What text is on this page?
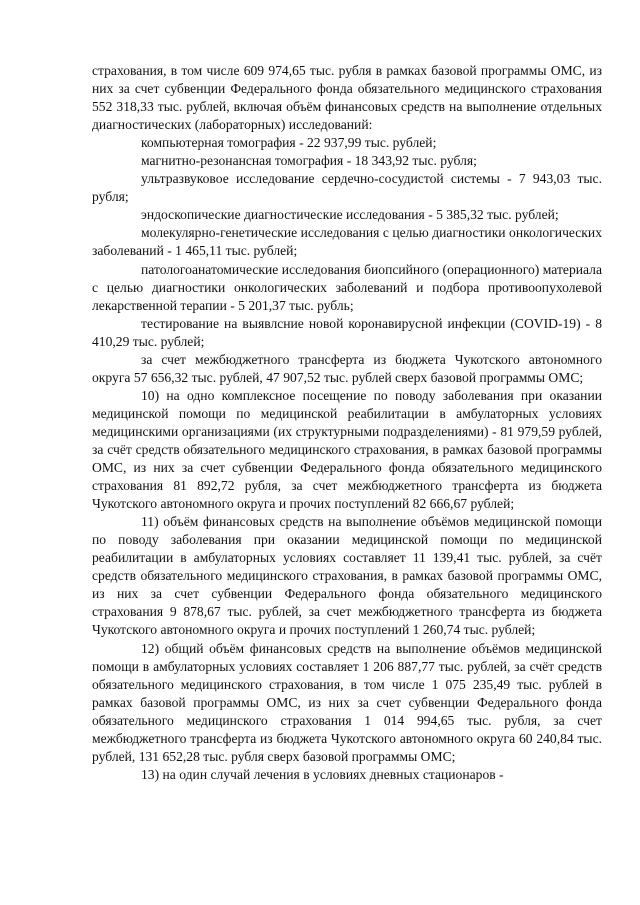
страхования, в том числе 609 974,65 тыс. рубля в рамках базовой программы ОМС, из них за счет субвенции Федерального фонда обязательного медицинского страхования 552 318,33 тыс. рублей, включая объём финансовых средств на выполнение отдельных диагностических (лабораторных) исследований:

компьютерная томография - 22 937,99 тыс. рублей;

магнитно-резонансная томография - 18 343,92 тыс. рубля;

ультразвуковое исследование сердечно-сосудистой системы - 7 943,03 тыс. рубля;

эндоскопические диагностические исследования - 5 385,32 тыс. рублей;

молекулярно-генетические исследования с целью диагностики онкологических заболеваний - 1 465,11 тыс. рублей;

патологоанатомические исследования биопсийного (операционного) материала с целью диагностики онкологических заболеваний и подбора противоопухолевой лекарственной терапии - 5 201,37 тыс. рубль;

тестирование на выявлсние новой коронавирусной инфекции (COVID-19) - 8 410,29 тыс. рублей;

за счет межбюджетного трансферта из бюджета Чукотского автономного округа 57 656,32 тыс. рублей, 47 907,52 тыс. рублей сверх базовой программы ОМС;

10) на одно комплексное посещение по поводу заболевания при оказании медицинской помощи по медицинской реабилитации в амбулаторных условиях медицинскими организациями (их структурными подразделениями) - 81 979,59 рублей, за счёт средств обязательного медицинского страхования, в рамках базовой программы ОМС, из них за счет субвенции Федерального фонда обязательного медицинского страхования 81 892,72 рубля, за счет межбюджетного трансферта из бюджета Чукотского автономного округа и прочих поступлений 82 666,67 рублей;

11) объём финансовых средств на выполнение объёмов медицинской помощи по поводу заболевания при оказании медицинской помощи по медицинской реабилитации в амбулаторных условиях составляет 11 139,41 тыс. рублей, за счёт средств обязательного медицинского страхования, в рамках базовой программы ОМС, из них за счет субвенции Федерального фонда обязательного медицинского страхования 9 878,67 тыс. рублей, за счет межбюджетного трансферта из бюджета Чукотского автономного округа и прочих поступлений 1 260,74 тыс. рублей;

12) общий объём финансовых средств на выполнение объёмов медицинской помощи в амбулаторных условиях составляет 1 206 887,77 тыс. рублей, за счёт средств обязательного медицинского страхования, в том числе 1 075 235,49 тыс. рублей в рамках базовой программы ОМС, из них за счет субвенции Федерального фонда обязательного медицинского страхования 1 014 994,65 тыс. рубля, за счет межбюджетного трансферта из бюджета Чукотского автономного округа 60 240,84 тыс. рублей, 131 652,28 тыс. рубля сверх базовой программы ОМС;

13) на один случай лечения в условиях дневных стационаров -
